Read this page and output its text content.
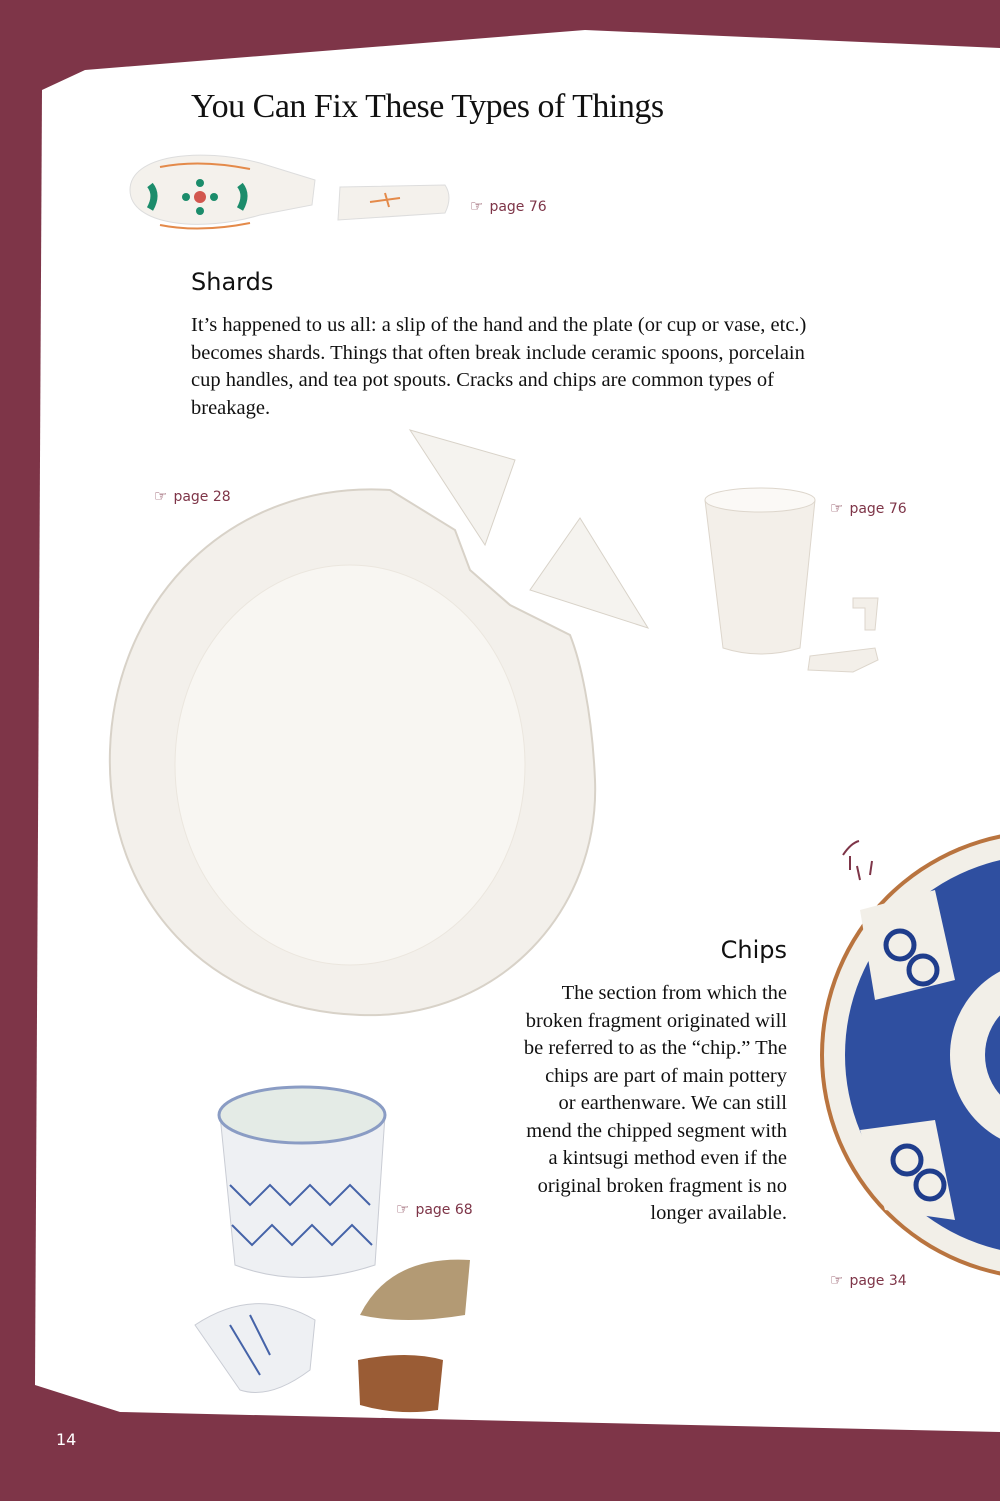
You Can Fix These Types of Things
☞ page 76
Shards
It’s happened to us all: a slip of the hand and the plate (or cup or vase, etc.)
becomes shards. Things that often break include ceramic spoons, porcelain
cup handles, and tea pot spouts. Cracks and chips are common types of
breakage.
☞ page 28
☞ page 76
☞ page 34
Chips
The section from which the
broken fragment originated will
be referred to as the “chip.” The
chips are part of main pottery
or earthenware. We can still
mend the chipped segment with
a kintsugi method even if the
original broken fragment is no
longer available.
☞ page 68
14
